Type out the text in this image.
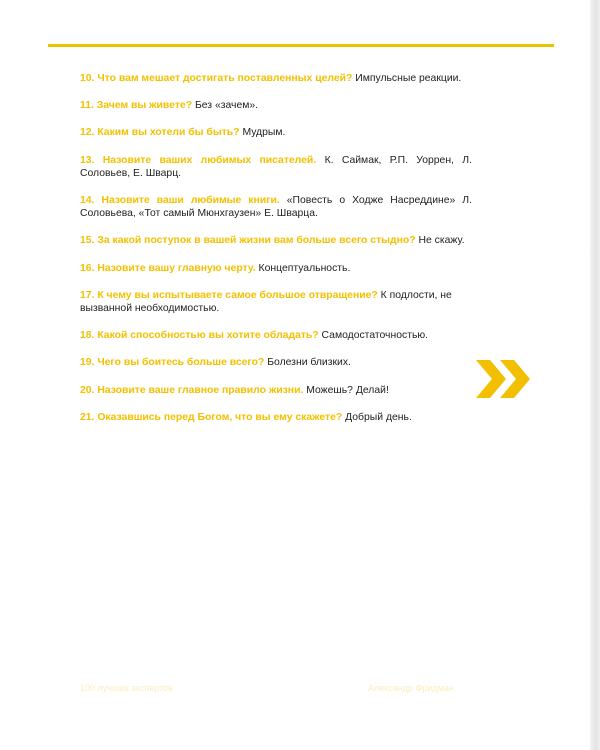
10. Что вам мешает достигать поставленных целей? Импульсные реакции.
11. Зачем вы живете? Без «зачем».
12. Каким вы хотели бы быть? Мудрым.
13. Назовите ваших любимых писателей. К. Саймак, Р.П. Уоррен, Л. Соловьев, Е. Шварц.
14. Назовите ваши любимые книги. «Повесть о Ходже Насреддине» Л. Соловьева, «Тот самый Мюнхгаузен» Е. Шварца.
15. За какой поступок в вашей жизни вам больше всего стыдно? Не скажу.
16. Назовите вашу главную черту. Концептуальность.
17. К чему вы испытываете самое большое отвращение? К подлости, не вызванной необходимостью.
18. Какой способностью вы хотите обладать? Самодостаточностью.
19. Чего вы боитесь больше всего? Болезни близких.
20. Назовите ваше главное правило жизни. Можешь? Делай!
21. Оказавшись перед Богом, что вы ему скажете? Добрый день.
100 лучших экспертов	Александр Фридман
